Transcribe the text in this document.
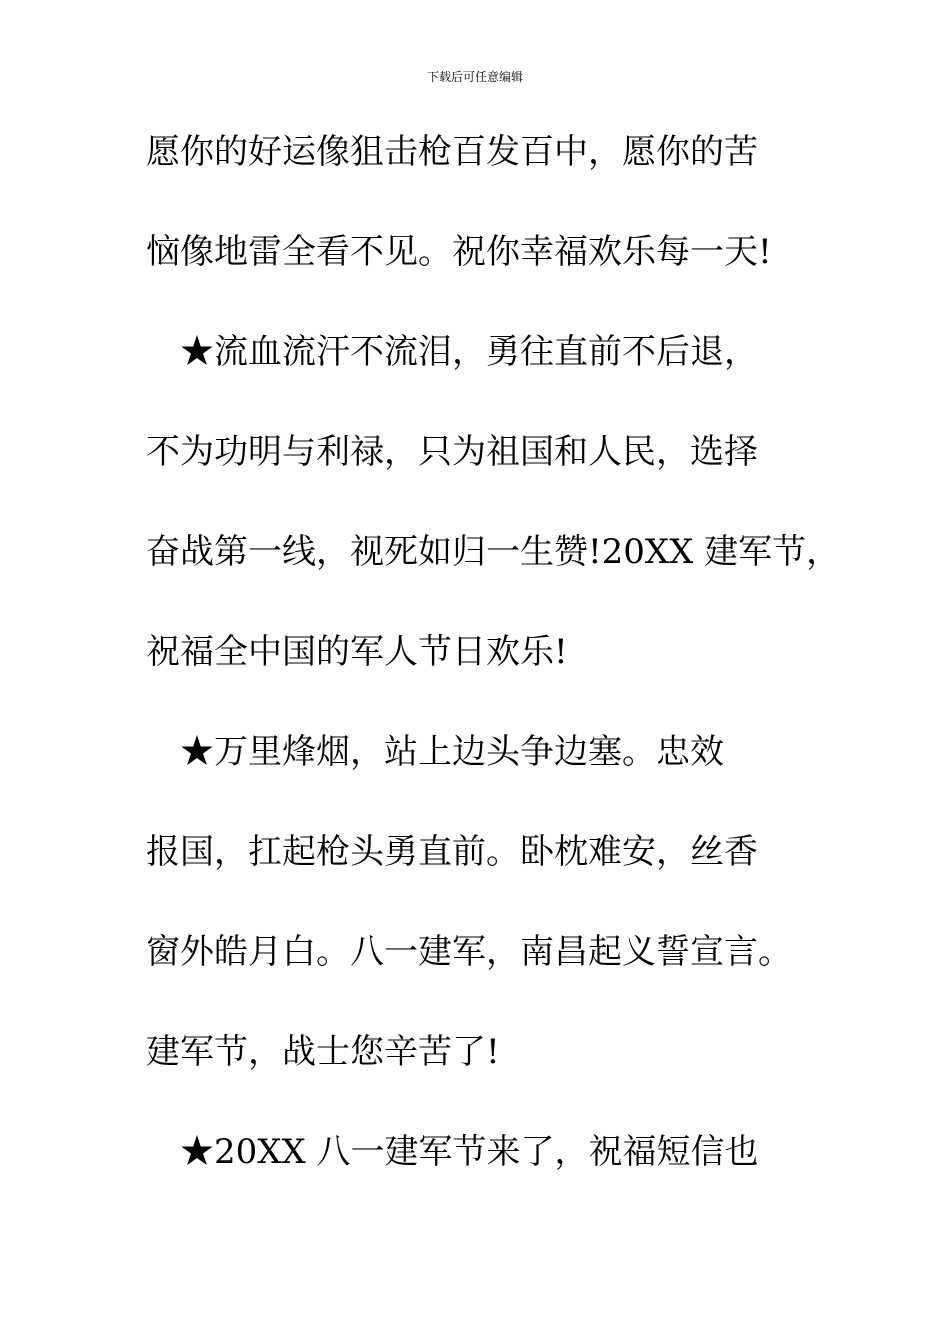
下载后可任意编辑
愿你的好运像狙击枪百发百中，愿你的苦
恼像地雷全看不见。祝你幸福欢乐每一天!
　★流血流汗不流泪，勇往直前不后退，
不为功明与利禄，只为祖国和人民，选择
奋战第一线，视死如归一生赞!20XX 建军节，
祝福全中国的军人节日欢乐!
　★万里烽烟，站上边头争边塞。忠效
报国，扛起枪头勇直前。卧枕难安，丝香
窗外皓月白。八一建军，南昌起义誓宣言。
建军节，战士您辛苦了!
　★20XX 八一建军节来了，祝福短信也
